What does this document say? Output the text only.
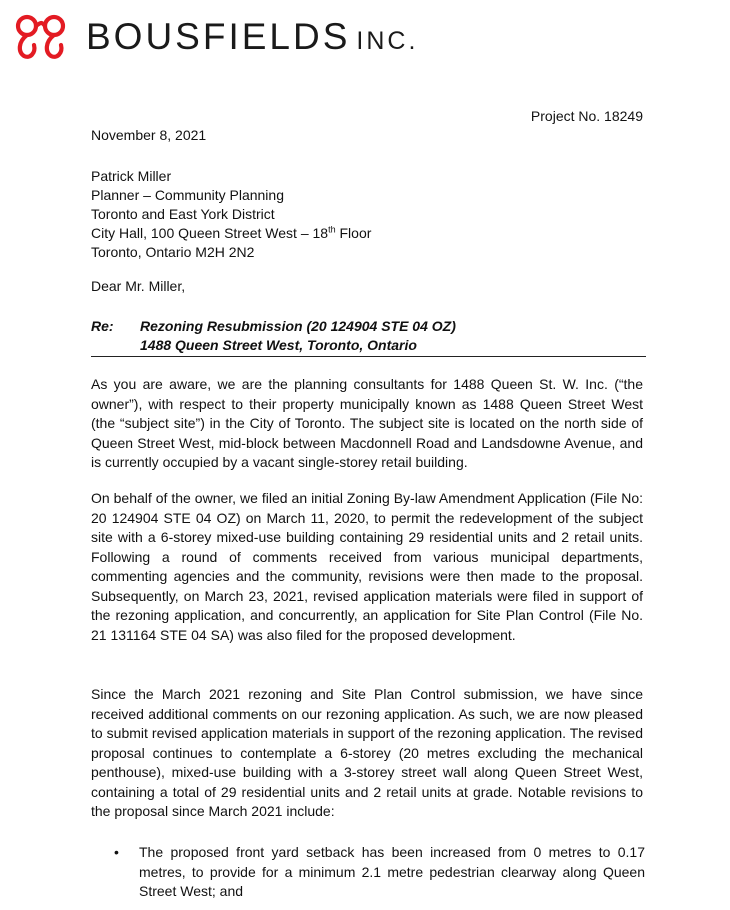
BOUSFIELDS INC.
Project No. 18249
November 8, 2021
Patrick Miller
Planner – Community Planning
Toronto and East York District
City Hall, 100 Queen Street West – 18th Floor
Toronto, Ontario M2H 2N2
Dear Mr. Miller,
Re: Rezoning Resubmission (20 124904 STE 04 OZ)
1488 Queen Street West, Toronto, Ontario
As you are aware, we are the planning consultants for 1488 Queen St. W. Inc. (“the owner”), with respect to their property municipally known as 1488 Queen Street West (the “subject site”) in the City of Toronto. The subject site is located on the north side of Queen Street West, mid-block between Macdonnell Road and Landsdowne Avenue, and is currently occupied by a vacant single-storey retail building.
On behalf of the owner, we filed an initial Zoning By-law Amendment Application (File No: 20 124904 STE 04 OZ) on March 11, 2020, to permit the redevelopment of the subject site with a 6-storey mixed-use building containing 29 residential units and 2 retail units. Following a round of comments received from various municipal departments, commenting agencies and the community, revisions were then made to the proposal. Subsequently, on March 23, 2021, revised application materials were filed in support of the rezoning application, and concurrently, an application for Site Plan Control (File No. 21 131164 STE 04 SA) was also filed for the proposed development.
Since the March 2021 rezoning and Site Plan Control submission, we have since received additional comments on our rezoning application. As such, we are now pleased to submit revised application materials in support of the rezoning application. The revised proposal continues to contemplate a 6-storey (20 metres excluding the mechanical penthouse), mixed-use building with a 3-storey street wall along Queen Street West, containing a total of 29 residential units and 2 retail units at grade. Notable revisions to the proposal since March 2021 include:
• The proposed front yard setback has been increased from 0 metres to 0.17 metres, to provide for a minimum 2.1 metre pedestrian clearway along Queen Street West; and
